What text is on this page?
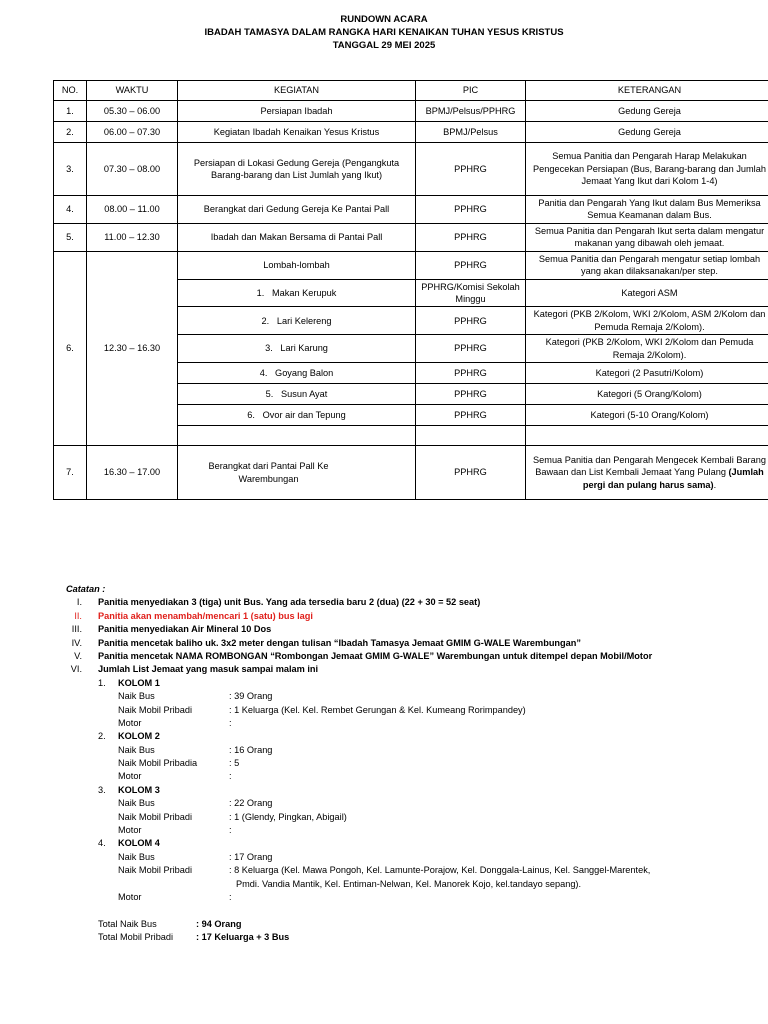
RUNDOWN ACARA
IBADAH TAMASYA DALAM RANGKA HARI KENAIKAN TUHAN YESUS KRISTUS
TANGGAL 29 MEI 2025
NO.	WAKTU	KEGIATAN	PIC	KETERANGAN
1.	05.30 – 06.00	Persiapan Ibadah	BPMJ/Pelsus/PPHRG	Gedung Gereja
2.	06.00 – 07.30	Kegiatan Ibadah Kenaikan Yesus Kristus	BPMJ/Pelsus	Gedung Gereja
3.	07.30 – 08.00	Persiapan di Lokasi Gedung Gereja (Pengangkuta Barang-barang dan List Jumlah yang Ikut)	PPHRG	Semua Panitia dan Pengarah Harap Melakukan Pengecekan Persiapan (Bus, Barang-barang dan Jumlah Jemaat Yang Ikut dari Kolom 1-4)
4.	08.00 – 11.00	Berangkat dari Gedung Gereja Ke Pantai Pall	PPHRG	Panitia dan Pengarah Yang Ikut dalam Bus Memeriksa Semua Keamanan dalam Bus.
5.	11.00 – 12.30	Ibadah dan Makan Bersama di Pantai Pall	PPHRG	Semua Panitia dan Pengarah Ikut serta dalam mengatur makanan yang dibawah oleh jemaat.
6.	12.30 – 16.30	Lombah-lombah	PPHRG	Semua Panitia dan Pengarah mengatur setiap lombah yang akan dilaksanakan/per step.
		1. Makan Kerupuk	PPHRG/Komisi Sekolah Minggu	Kategori ASM
		2. Lari Kelereng	PPHRG	Kategori (PKB 2/Kolom, WKI 2/Kolom, ASM 2/Kolom dan Pemuda Remaja 2/Kolom).
		3. Lari Karung	PPHRG	Kategori (PKB 2/Kolom, WKI 2/Kolom dan Pemuda Remaja 2/Kolom).
		4. Goyang Balon	PPHRG	Kategori (2 Pasutri/Kolom)
		5. Susun Ayat	PPHRG	Kategori (5 Orang/Kolom)
		6. Ovor air dan Tepung	PPHRG	Kategori (5-10 Orang/Kolom)

7.	16.30 – 17.00	Berangkat dari Pantai Pall Ke Warembungan	PPHRG	Semua Panitia dan Pengarah Mengecek Kembali Barang Bawaan dan List Kembali Jemaat Yang Pulang (Jumlah pergi dan pulang harus sama).
Catatan :
I. Panitia menyediakan 3 (tiga) unit Bus. Yang ada tersedia baru 2 (dua) (22 + 30 = 52 seat)
II. Panitia akan menambah/mencari 1 (satu) bus lagi
III. Panitia menyediakan Air Mineral 10 Dos
IV. Panitia mencetak baliho uk. 3x2 meter dengan tulisan “Ibadah Tamasya Jemaat GMIM G-WALE Warembungan”
V. Panitia mencetak NAMA ROMBONGAN “Rombongan Jemaat GMIM G-WALE” Warembungan untuk ditempel depan Mobil/Motor
VI. Jumlah List Jemaat yang masuk sampai malam ini
1. KOLOM 1
Naik Bus	: 39 Orang
Naik Mobil Pribadi	: 1 Keluarga (Kel. Kel. Rembet Gerungan & Kel. Kumeang Rorimpandey)
Motor	:
2. KOLOM 2
Naik Bus	: 16 Orang
Naik Mobil Pribadia	: 5
Motor	:
3. KOLOM 3
Naik Bus	: 22 Orang
Naik Mobil Pribadi	: 1 (Glendy, Pingkan, Abigail)
Motor	:
4. KOLOM 4
Naik Bus	: 17 Orang
Naik Mobil Pribadi	: 8 Keluarga (Kel. Mawa Pongoh, Kel. Lamunte-Porajow, Kel. Donggala-Lainus, Kel. Sanggel-Marentek,
Pmdi. Vandia Mantik, Kel. Entiman-Nelwan, Kel. Manorek Kojo, kel.tandayo sepang).
Motor	:
Total Naik Bus	: 94 Orang
Total Mobil Pribadi : 17 Keluarga + 3 Bus
